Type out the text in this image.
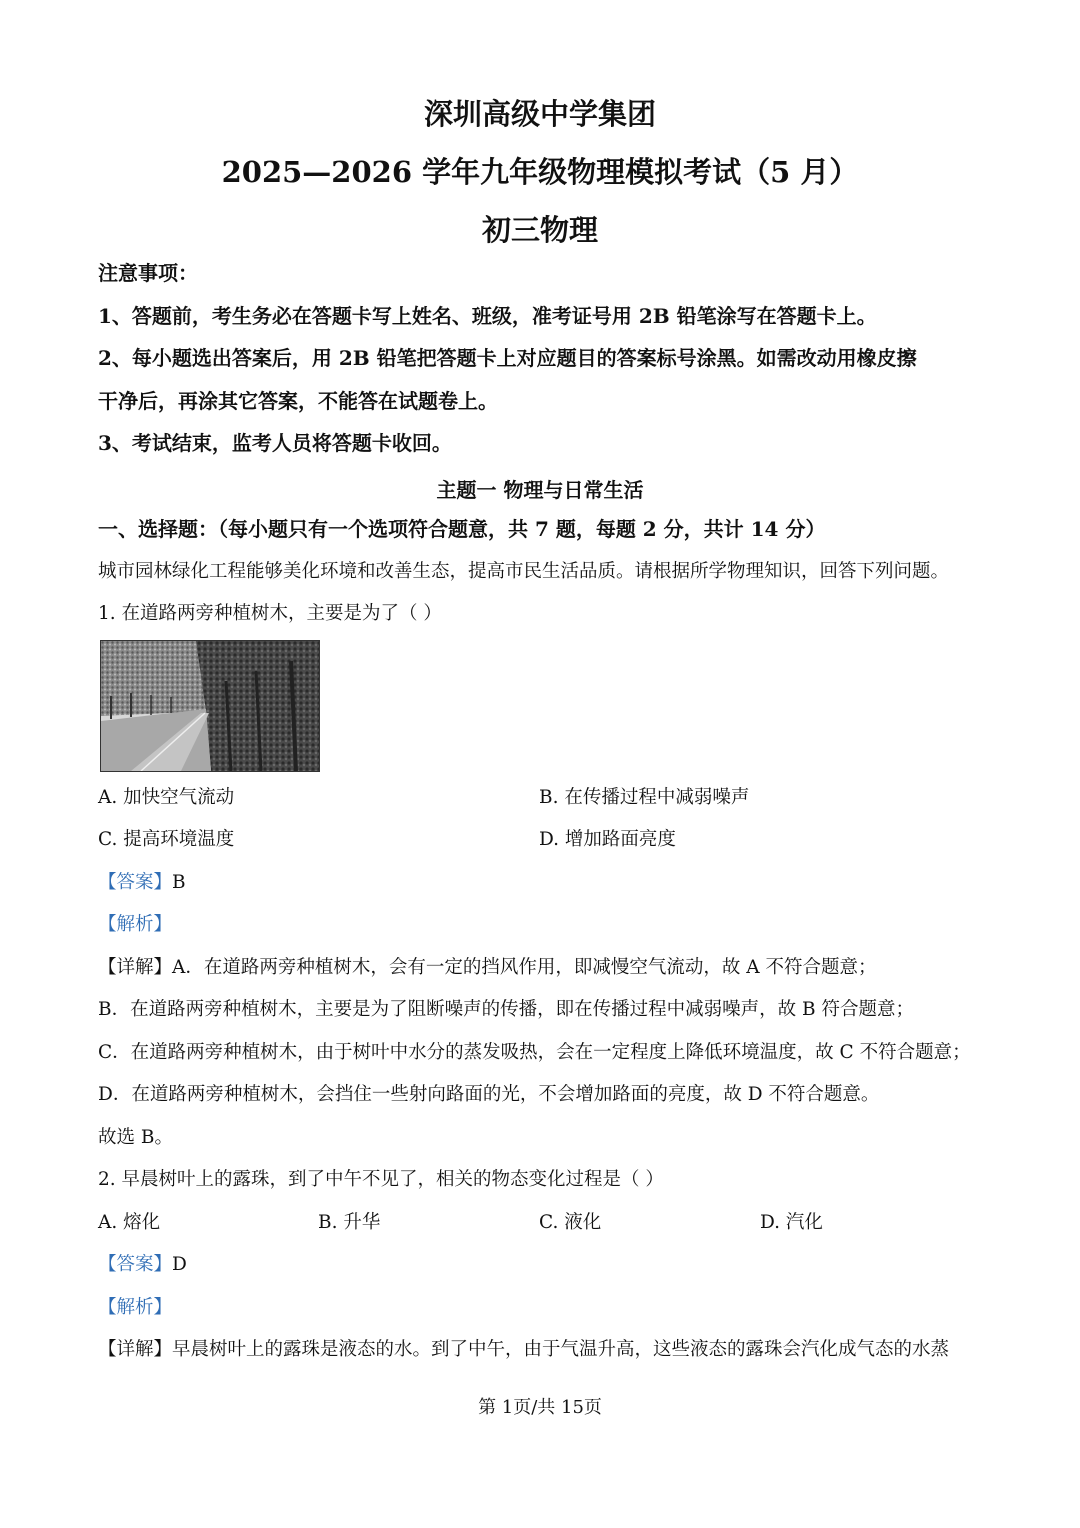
深圳高级中学集团
2025—2026 学年九年级物理模拟考试（5 月）
初三物理
注意事项：
1、答题前，考生务必在答题卡写上姓名、班级，准考证号用 2B 铅笔涂写在答题卡上。
2、每小题选出答案后，用 2B 铅笔把答题卡上对应题目的答案标号涂黑。如需改动用橡皮擦
干净后，再涂其它答案，不能答在试题卷上。
3、考试结束，监考人员将答题卡收回。
主题一 物理与日常生活
一、选择题：（每小题只有一个选项符合题意，共 7 题，每题 2 分，共计 14 分）
城市园林绿化工程能够美化环境和改善生态，提高市民生活品质。请根据所学物理知识，回答下列问题。
1. 在道路两旁种植树木，主要是为了（ ）
A. 加快空气流动	B. 在传播过程中减弱噪声
C. 提高环境温度	D. 增加路面亮度
【答案】B
【解析】
【详解】A．在道路两旁种植树木，会有一定的挡风作用，即减慢空气流动，故 A 不符合题意；
B．在道路两旁种植树木，主要是为了阻断噪声的传播，即在传播过程中减弱噪声，故 B 符合题意；
C．在道路两旁种植树木，由于树叶中水分的蒸发吸热，会在一定程度上降低环境温度，故 C 不符合题意；
D．在道路两旁种植树木，会挡住一些射向路面的光，不会增加路面的亮度，故 D 不符合题意。
故选 B。
2. 早晨树叶上的露珠，到了中午不见了，相关的物态变化过程是（ ）
A. 熔化	B. 升华	C. 液化	D. 汽化
【答案】D
【解析】
【详解】早晨树叶上的露珠是液态的水。到了中午，由于气温升高，这些液态的露珠会汽化成气态的水蒸
第 1页/共 15页
